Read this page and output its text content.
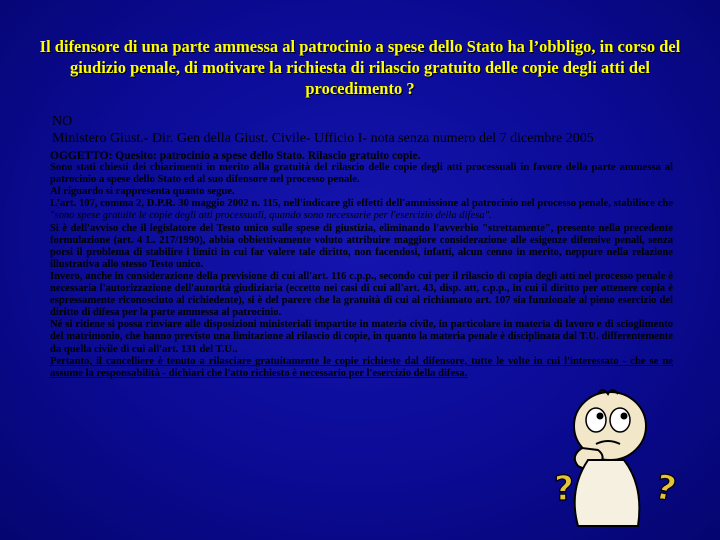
Il difensore di una parte ammessa al patrocinio a spese dello Stato ha l’obbligo, in corso del giudizio penale, di motivare la richiesta di rilascio gratuito delle copie degli atti del procedimento ?
NO
Ministero Giust.- Dir. Gen della Giust. Civile- Ufficio I- nota senza numero del 7 dicembre 2005

OGGETTO: Quesito: patrocinio a spese dello Stato. Rilascio gratuito copie.

Sono stati chiesti dei chiarimenti in merito alla gratuità del rilascio delle copie degli atti processuali in favore della parte ammessa al patrocinio a spese dello Stato ed al suo difensore nel processo penale.

Al riguardo si rappresenta quanto segue.

L'art. 107, comma 2, D.P.R. 30 maggio 2002 n. 115, nell'indicare gli effetti dell'ammissione al patrocinio nel processo penale, stabilisce che "sono spese gratuite le copie degli atti processuali, quando sono necessarie per l'esercizio della difesa".

Si è dell'avviso che il legislatore del Testo unico sulle spese di giustizia, eliminando l'avverbio "strettamente", presente nella precedente formulazione (art. 4 L. 217/1990), abbia obbiettivamente voluto attribuire maggiore considerazione alle esigenze difensive penali, senza porsi il problema di stabilire i limiti in cui far valere tale diritto, non facendosi, infatti, alcun cenno in merito, neppure nella relazione illustrativa allo stesso Testo unico.

Invero, anche in considerazione della previsione di cui all'art. 116 c.p.p., secondo cui per il rilascio di copia degli atti nel processo penale è necessaria l'autorizzazione dell'autorità giudiziaria (eccetto nei casi di cui all'art. 43, disp. att, c.p.p., in cui il diritto per ottenere copia è espressamente riconosciuto al richiedente), si è del parere che la gratuità di cui al richiamato art. 107 sia funzionale al pieno esercizio del diritto di difesa per la parte ammessa al patrocinio.

Né si ritiene si possa rinviare alle disposizioni ministeriali impartite in materia civile, in particolare in materia di lavoro e di scioglimento del matrimonio, che hanno previsto una limitazione al rilascio di copie, in quanto la materia penale è disciplinata dal T.U. differentemente da quella civile di cui all'art. 131 del T.U..

Pertanto, il cancelliere è tenuto a rilasciare gratuitamente le copie richieste dal difensore, tutte le volte in cui l'interessato - che se ne assume la responsabilità - dichiari che l'atto richiesto è necessario per l'esercizio della difesa.

? ?
